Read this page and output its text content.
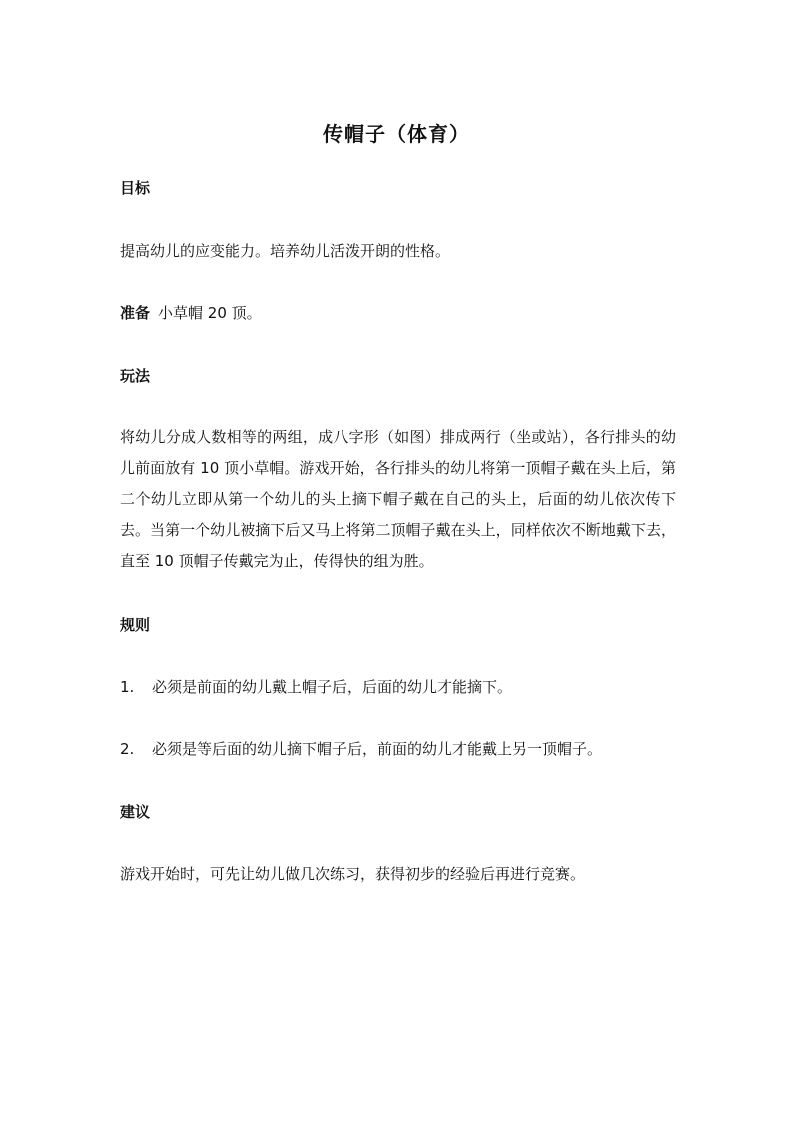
传帽子（体育）
目标
提高幼儿的应变能力。培养幼儿活泼开朗的性格。
准备 小草帽 20 顶。
玩法
将幼儿分成人数相等的两组，成八字形（如图）排成两行（坐或站），各行排头的幼儿前面放有 10 顶小草帽。游戏开始，各行排头的幼儿将第一顶帽子戴在头上后，第二个幼儿立即从第一个幼儿的头上摘下帽子戴在自己的头上，后面的幼儿依次传下去。当第一个幼儿被摘下后又马上将第二顶帽子戴在头上，同样依次不断地戴下去，直至 10 顶帽子传戴完为止，传得快的组为胜。
规则
1. 必须是前面的幼儿戴上帽子后，后面的幼儿才能摘下。
2. 必须是等后面的幼儿摘下帽子后，前面的幼儿才能戴上另一顶帽子。
建议
游戏开始时，可先让幼儿做几次练习，获得初步的经验后再进行竞赛。
